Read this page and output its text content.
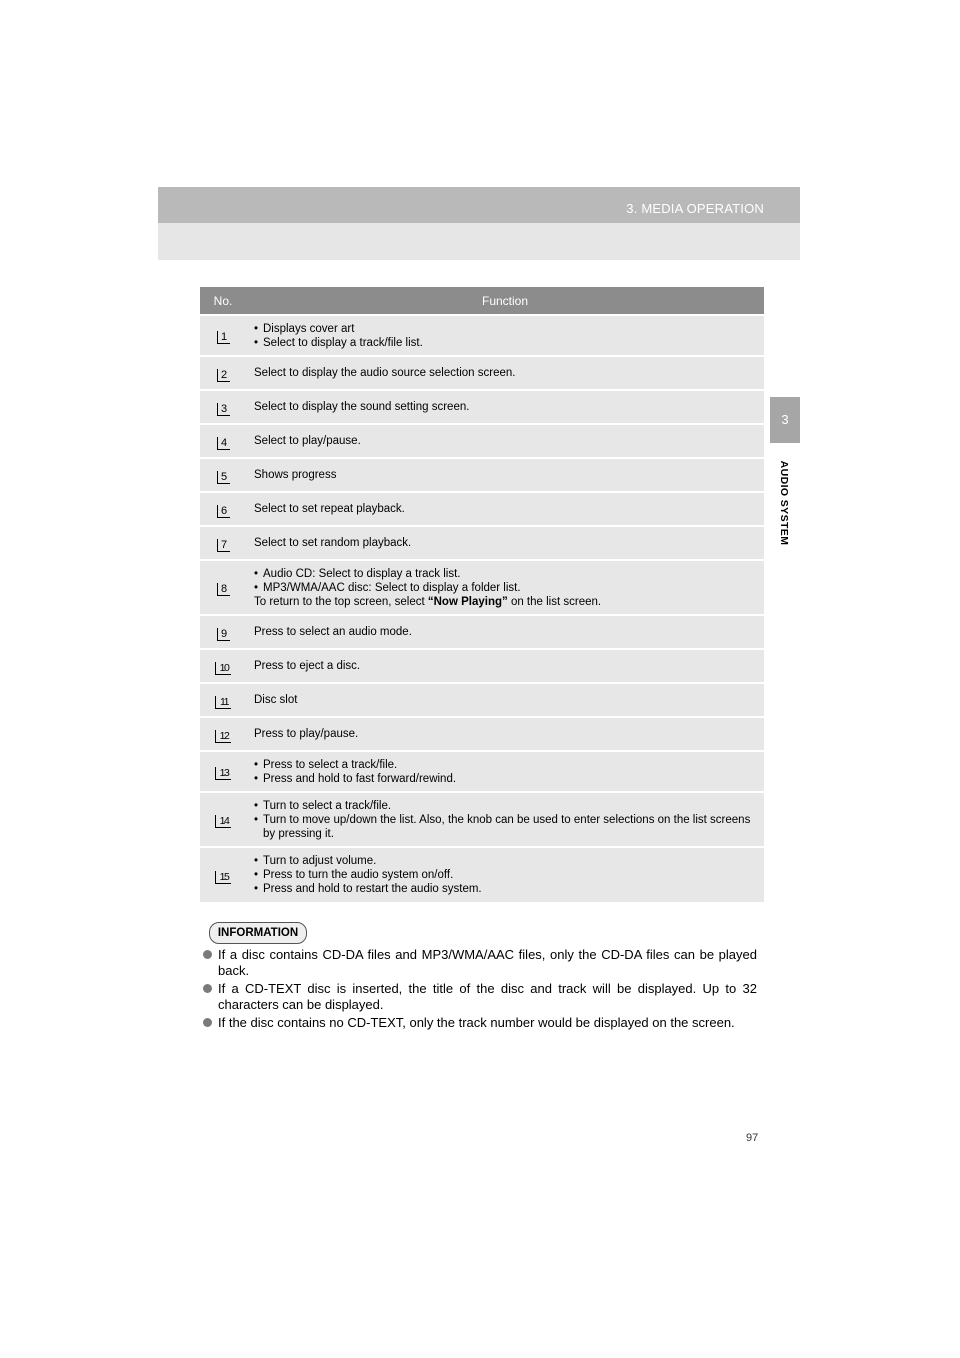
3. MEDIA OPERATION
3
AUDIO SYSTEM
No.	Function
1	• Displays cover art
• Select to display a track/file list.

2	Select to display the audio source selection screen.
3	Select to display the sound setting screen.
4	Select to play/pause.
5	Shows progress
6	Select to set repeat playback.
7	Select to set random playback.
8	• Audio CD: Select to display a track list.
• MP3/WMA/AAC disc: Select to display a folder list.
To return to the top screen, select “Now Playing” on the list screen.

9	Press to select an audio mode.
10	Press to eject a disc.
11	Disc slot
12	Press to play/pause.
13	• Press to select a track/file.
• Press and hold to fast forward/rewind.

14	• Turn to select a track/file.
• Turn to move up/down the list. Also, the knob can be used to enter selections on the list screens by pressing it.

15	• Turn to adjust volume.
• Press to turn the audio system on/off.
• Press and hold to restart the audio system.
INFORMATION
If a disc contains CD-DA files and MP3/WMA/AAC files, only the CD-DA files can be played back.
If a CD-TEXT disc is inserted, the title of the disc and track will be displayed. Up to 32 characters can be displayed.
If the disc contains no CD-TEXT, only the track number would be displayed on the screen.
97
